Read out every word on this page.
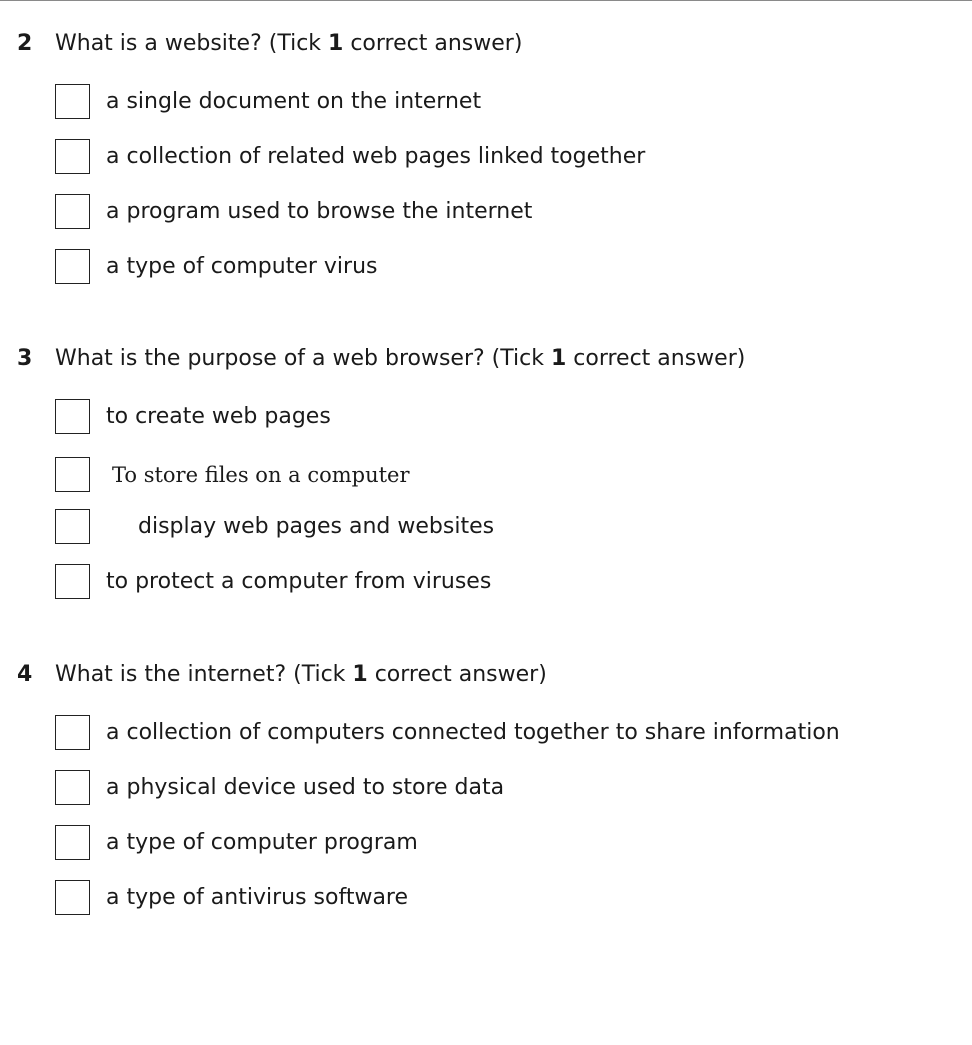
2 What is a website? (Tick 1 correct answer)
a single document on the internet
a collection of related web pages linked together
a program used to browse the internet
a type of computer virus
3 What is the purpose of a web browser? (Tick 1 correct answer)
to create web pages
To store files on a computer
display web pages and websites
to protect a computer from viruses
4 What is the internet? (Tick 1 correct answer)
a collection of computers connected together to share information
a physical device used to store data
a type of computer program
a type of antivirus software
